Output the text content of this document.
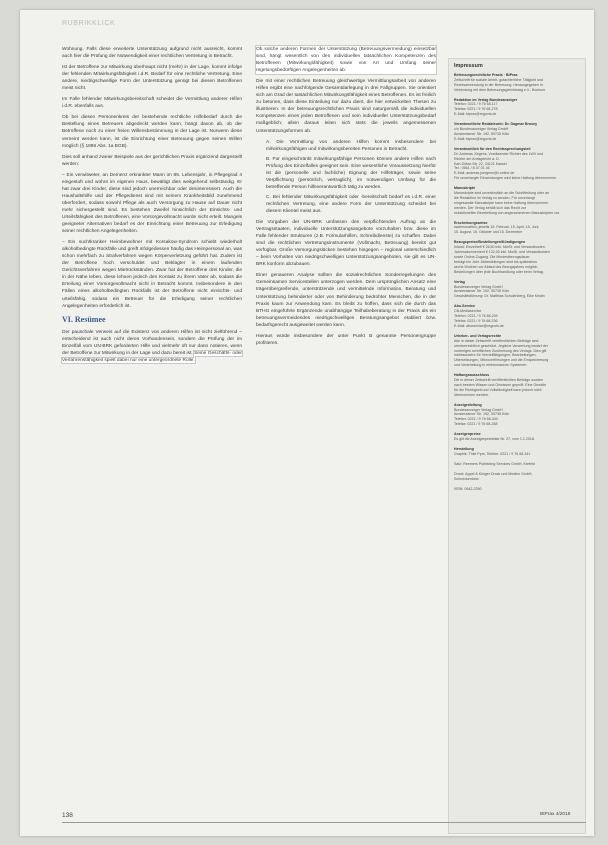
RUBRIKKLICK

Wohnung. Falls diese erweiterte Unterstützung aufgrund nicht ausreicht, kommt auch hier die Prüfung der Notwendigkeit einer rechtlichen Vertretung in Betracht.

Ist der Betroffene zur Mitwirkung überhaupt nicht (mehr) in der Lage, kommt infolge der fehlenden Mitwirkungsfähigkeit i.d.R. Bedarf für eine rechtliche Vertretung. Eine andere, niedrigschwellige Form der Unterstützung genügt bei diesen Betroffenen meist nicht.

Im Falle fehlender Mitwirkungsbereitschaft scheidet die Vermittlung anderer Hilfen i.d.R. ebenfalls aus.

Ob bei diesen Personenkreis der bestehende rechtliche Hilfebedarf durch die Bestellung eines Betreuers abgedeckt werden kann, hängt davon ab, ob der Betroffene noch zu einer freien Willensbestimmung in der Lage ist. Nurwenn diese verneint werden kann, ist die Einrichtung einer Betreuung gegen seinen Willen möglich (§ 1896 Abs. 1a BGB).

Dies soll anhand zweier Beispiele aus der gerichtlichen Praxis ergänzend dargestellt werden:

– Ein verwitweter, an Demenz erkrankter Mann im 85. Lebensjahr, in Pflegegrad 4 eingestuft und wohnt im eigenen Haus, bewältigt dies weitgehend selbständig. Er hat zwar drei Kinder, diese sind jedoch unerreichbar oder desinteressiert. Auch die Haushaltshilfe und der Pflegedienst sind mit seinem Krankheitsbild zunehmend überfordert, sodass sowohl Pflege als auch Versorgung zu Hause auf Dauer nicht mehr sichergestellt sind. Es bestehen Zweifel hinsichtlich der Einsichts- und Urteilsfähigkeit des Betroffenen, eine Vorsorgevollmacht wurde nicht erteilt. Mangels geeigneter Alternativen bedarf es der Einrichtung einer Betreuung zur Erledigung seiner rechtlichen Angelegenheiten.

– Ein suchtkranker Heimbewohner mit Korsakow-Syndrom schiebt wiederholt alkoholbedingte Rückfälle und greift infolgedessen häufig das Heimpersonal an, was schon mehrfach zu Strafverfahren wegen Körperverletzung geführt hat. Zudem ist der Betroffene hoch verschuldet und Beklagter in einem laufenden Gerichtsverfahren wegen Mietrückständen. Zwar hat der Betroffene drei Kinder, die in der Nähe leben, diese lehnen jedoch den Kontakt zu ihrem Vater ab, sodass die Erteilung einer Vorsorgevollmacht nicht in Betracht kommt. Insbesondere in den Fällen eines alkoholbedingten Rückfalls ist der Betroffene nicht einsichts- und urteilsfähig, sodass ein Betreuer für die Erledigung seiner rechtlichen Angelegenheiten erforderlich ist.

VI. Resümee

Der pauschale Verweis auf die Existenz von anderen Hilfen ist nicht zielführend – entscheidend ist auch nicht deren Vorhandensein, sondern die Prüfung der im Einzelfall vom UN-BRK geforderten Hilfe und vielmehr oft nur dann notieren, wenn der Betroffene zur Mitwirkung in der Lage und dazu bereit ist. Seine Geschäfts- oder Verfahrensfähigkeit spielt dabei nur eine untergeordnete Rolle.

Ob solche anderen Formen der Unterstützung (Betreuungsvermeidung) einsetzbar sind, hängt wesentlich von den individuellen tatsächlichen Kompetenzen des Betroffenen (Mitwirkungsfähigkeit) sowie von Art und Umfang seiner regelungsbedürftigen Angelegenheiten ab.

Die mit einer rechtlichen Betreuung gleichwertige Vermittlungsarbeit von anderen Hilfen ergibt eine nachfolgende Gesamtdarlegung in drei Fallgruppen. Sie orientiert sich am Grad der tatsächlichen Mitwirkungsfähigkeit eines Betroffenen. Es ist freilich zu betonen, dass diese Einteilung nur dazu dient, die hier entwickelten Thesen zu illustrieren. In der betreuungsrechtlichen Praxis sind naturgemäß die individuellen Kompetenzen eines jeden Betroffenen und sein individueller Unterstützungsbedarf maßgeblich; allein daraus leiten sich stets die jeweils angemessenen Unterstützungsformen ab.

A. Die Vermittlung von anderen Hilfen kommt insbesondere bei mitwirkungsfähigen und mitwirkungsbereiten Personen in Betracht.
B. Für eingeschränkt mitwirkungsfähige Personen können andere Hilfen nach Prüfung des Einzelfalles geeignet sein. Eine wesentliche Voraussetzung hierfür ist die (personelle und fachliche) Eignung der Hilfeträger, sowie seine Verpflichtung (persönlich, vertraglich), im notwendigen Umfang für die betreffende Person hilfeverantwortlich tätig zu werden.
C. Bei fehlender Mitwirkungsfähigkeit oder -bereitschaft bedarf es i.d.R. einer rechtlichen Vertretung, eine andere Form der Unterstützung scheidet bei diesem Klientel meist aus.

Die Vorgaben der UN-BRK umfassen den verpflichtenden Auftrag an die Vertragsstaaten, individuelle Unterstützungsangebote vorzuhalten bzw. diese im Falle fehlender Strukturen (z.B. Formularhilfen, Schreibdienste) zu schaffen. Dabei sind die rechtlichen Vertretungsinstrumente (Vollmacht, Betreuung) bereits gut verfügbar. Große Versorgungslücken bestehen hingegen – regional unterschiedlich – beim Vorhalten von niedrigschwelligen Unterstützungsangeboten, sie gilt es UN-BRK konform abzubauen.

Einer genaueren Analyse sollten die sozialrechtlichen Sonderregelungen des Gemeinsamen Servicestellen unterzogen werden. Dem ursprünglichen Ansatz eine trägerübergreifende, unterstützende und vermittelnde Information, Beratung und Unterstützung behinderter oder von Behinderung bedrohter Menschen, die in der Praxis kaum zur Anwendung kam. Es bleibt zu hoffen, dass sich die durch das BTHG eingeführte Ergänzende unabhängige Teilhabeberatung in der Praxis als ein betreuungsvermeidendes niedrigschwelliges Beratungsangebot etabliert bzw. bedarfsgerecht ausgeweitet werden kann.

Hieraus würde insbesondere der unter Punkt B genannte Personengruppe profitieren.

Impressum
Betreuungsrechtliche Praxis · BtPrax
Zeitschrift für soziale Arbeit, gutachterliche Tätigkeit und
Rechtsanwendung in der Betreuung. Herausgegeben in
Verbindung mit dem Betreuungsgerichtstag e.V., Bochum
Redaktion im Verlag Bundesanzeiger
Telefon: 0221 / 9 76 68-117
Telefax: 0221 / 9 76 68-278
E-Mail: btprax@reguvis.de
Verantwortliche Redakteurin: Dr. Dagmar Brosey
c/o Bundesanzeiger Verlag GmbH
Amsterdamer Str. 192, 50735 Köln
E-Mail: btprax@reguvis.de
Verantwortlich für den Rechtssprechungsteil
Dr. Andreas Jürgens, Vorsitzender Richter des LWV und
Richter am Amtsgericht a. D.
Karl-Götze-Str. 22, 34121 Kassel
Tel.: 0561 / 8 37 01 45
E-Mail: andreas.juergens@t-online.de
Für unverlangte Einsendungen wird keine Haftung übernommen.
Manuskripte
Manuskripte sind unverbindlich an die Schriftleitung oder an
die Redaktion im Verlag zu senden. Für unverlangt
eingesandte Manuskripte kann keine Haftung übernommen
werden. Der Verlag behält sich das Recht zur
redaktionellen Bearbeitung von angenommenen Manuskripten vor.
Erscheinungsweise
zweimonatlich, jeweils 15. Februar, 15. April, 15. Juni,
15. August, 15. Oktober und 15. Dezember
Bezugspreise/Bestellungen/Kündigungen
Inland: Einzelheft € 26,50 inkl. MwSt. und Versandkosten.
Jahresabonnement € 132,00 inkl. MwSt. und Versandkosten
sowie Online-Zugang. Die Mindestbezugsdauer
beträgt ein Jahr. Abbestellungen sind bis spätestens
sechs Wochen vor Ablauf des Bezugsjahres möglich.
Bestellungen über jede Buchhandlung oder beim Verlag.
Verlag
Bundesanzeiger Verlag GmbH
Amsterdamer Str. 192, 50735 Köln
Geschäftsführung: Dr. Matthias Schulenberg, Elke Kristin
Abo-Service
CB-Mediaservice
Telefon: 0221 / 9 76 68-200
Telefax: 0221 / 9 76 68-236
E-Mail: aboservice@reguvis.de
Urheber- und Verlagsrechte
Alle in dieser Zeitschrift veröffentlichten Beiträge sind
urheberrechtlich geschützt. Jegliche Verwertung bedarf der
vorherigen schriftlichen Zustimmung des Verlags. Dies gilt
insbesondere für Vervielfältigungen, Bearbeitungen,
Übersetzungen, Mikroverfilmungen und die Einspeicherung
und Verarbeitung in elektronischen Systemen.
Haftungsausschluss
Die in dieser Zeitschrift veröffentlichten Beiträge wurden
nach bestem Wissen und Gewissen geprüft. Eine Gewähr
für die Richtigkeit und Vollständigkeit kann jedoch nicht
übernommen werden.
Anzeigenleitung
Bundesanzeiger Verlag GmbH
Amsterdamer Str. 192, 50735 Köln
Telefon: 0221 / 9 76 68-340
Telefax: 0221 / 9 76 68-288
Anzeigenpreise
Es gilt die Anzeigenpreisliste Nr. 27, vom 1.1.2018.
Herstellung
Graphik: Thiel Ppm, Telefon: 0221 / 9 76 68-341
Satz: Reemers Publishing Services GmbH, Krefeld
Druck: Appel & Klinger Druck und Medien GmbH,
Schneckenlohe
ISSN: 0942-2390
138	BtPrax 4/2018
